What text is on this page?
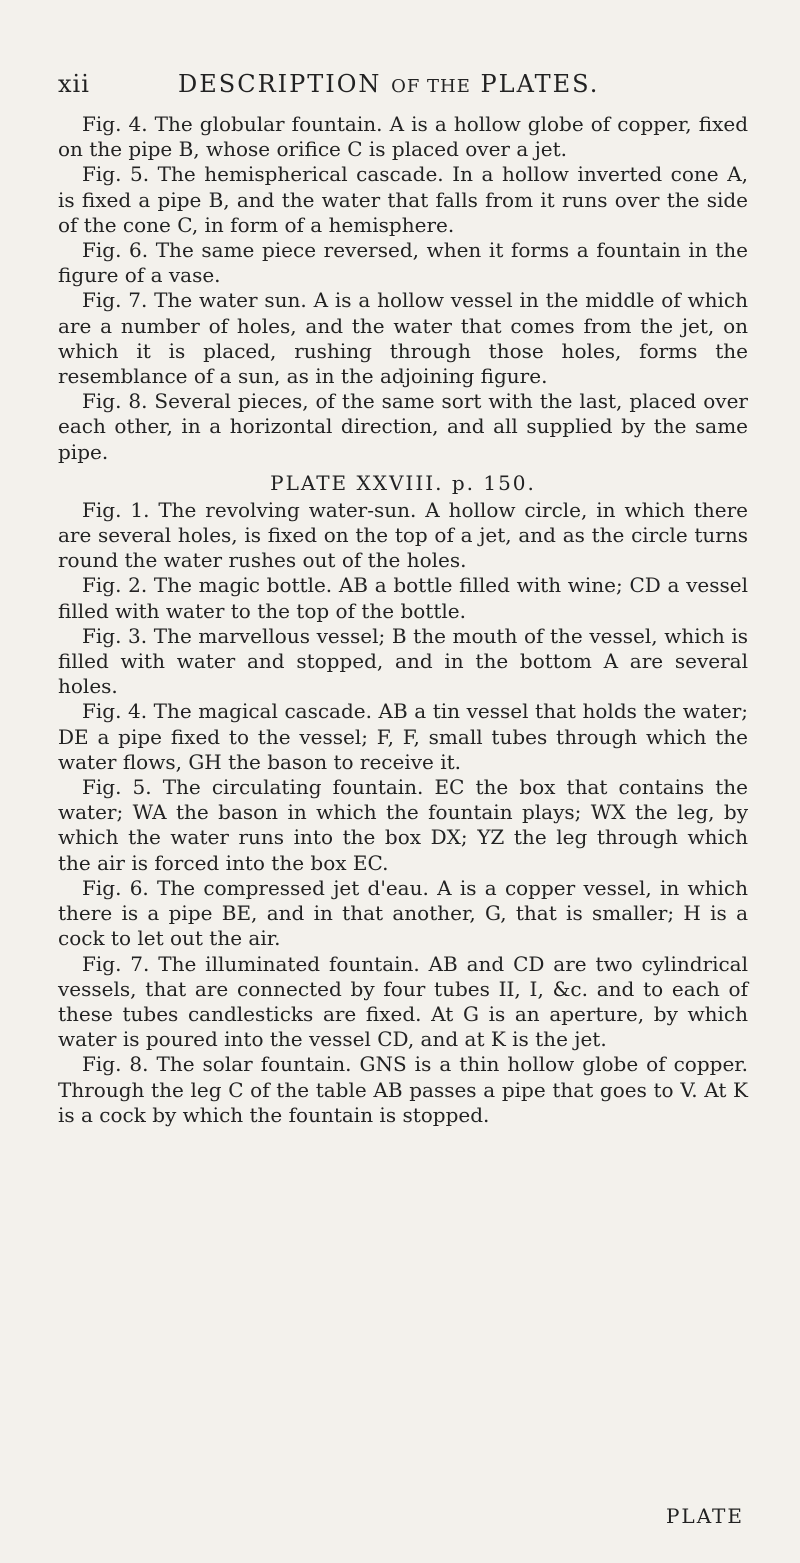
xii	DESCRIPTION OF THE PLATES.

Fig. 4. The globular fountain. A is a hollow globe of copper, fixed on the pipe B, whose orifice C is placed over a jet.

Fig. 5. The hemispherical cascade. In a hollow inverted cone A, is fixed a pipe B, and the water that falls from it runs over the side of the cone C, in form of a hemisphere.

Fig. 6. The same piece reversed, when it forms a fountain in the figure of a vase.

Fig. 7. The water sun. A is a hollow vessel in the middle of which are a number of holes, and the water that comes from the jet, on which it is placed, rushing through those holes, forms the resemblance of a sun, as in the adjoining figure.

Fig. 8. Several pieces, of the same sort with the last, placed over each other, in a horizontal direction, and all supplied by the same pipe.

PLATE XXVIII. p. 150.

Fig. 1. The revolving water-sun. A hollow circle, in which there are several holes, is fixed on the top of a jet, and as the circle turns round the water rushes out of the holes.

Fig. 2. The magic bottle. AB a bottle filled with wine; CD a vessel filled with water to the top of the bottle.

Fig. 3. The marvellous vessel; B the mouth of the vessel, which is filled with water and stopped, and in the bottom A are several holes.

Fig. 4. The magical cascade. AB a tin vessel that holds the water; DE a pipe fixed to the vessel; F, F, small tubes through which the water flows, GH the bason to receive it.

Fig. 5. The circulating fountain. EC the box that contains the water; WA the bason in which the fountain plays; WX the leg, by which the water runs into the box DX; YZ the leg through which the air is forced into the box EC.

Fig. 6. The compressed jet d'eau. A is a copper vessel, in which there is a pipe BE, and in that another, G, that is smaller; H is a cock to let out the air.

Fig. 7. The illuminated fountain. AB and CD are two cylindrical vessels, that are connected by four tubes II, I, &c. and to each of these tubes candlesticks are fixed. At G is an aperture, by which water is poured into the vessel CD, and at K is the jet.

Fig. 8. The solar fountain. GNS is a thin hollow globe of copper. Through the leg C of the table AB passes a pipe that goes to V. At K is a cock by which the fountain is stopped.

PLATE
